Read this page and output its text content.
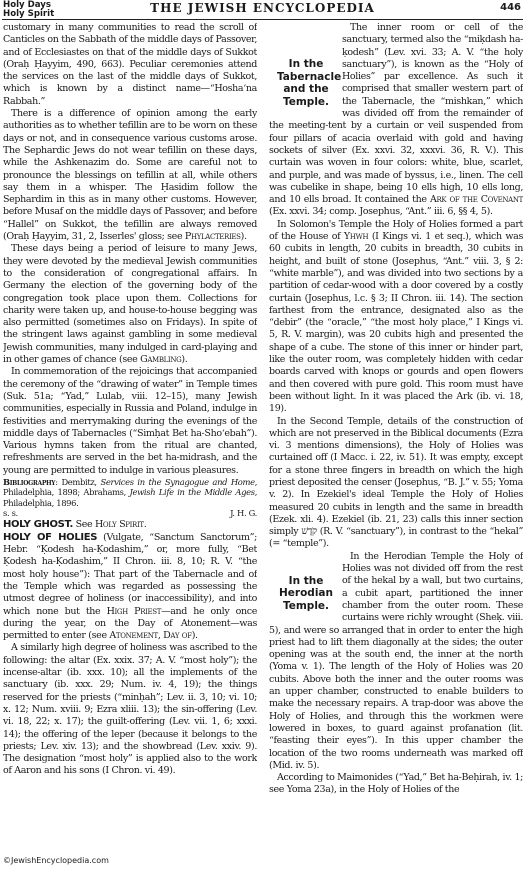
Holy Days
Holy Spirit	THE JEWISH ENCYCLOPEDIA	446

customary in many communities to read the scroll of Canticles on the Sabbath of the middle days of Passover, and of Ecclesiastes on that of the middle days of Sukkot (Oraḥ Ḥayyim, 490, 663). Peculiar ceremonies attend the services on the last of the middle days of Sukkot, which is known by a distinct name—“Hosha‘na Rabbah.”

There is a difference of opinion among the early authorities as to whether tefillin are to be worn on these days or not, and in consequence various customs arose. The Sephardic Jews do not wear tefillin on these days, while the Ashkenazim do. Some are careful not to pronounce the blessings on tefillin at all, while others say them in a whisper. The Ḥasidim follow the Sephardim in this as in many other customs. However, before Musaf on the middle days of Passover, and before “Hallel” on Sukkot, the tefillin are always removed (Oraḥ Ḥayyim, 31, 2, Isserles' gloss; see Phylacteries).

These days being a period of leisure to many Jews, they were devoted by the medieval Jewish communities to the consideration of congregational affairs. In Germany the election of the governing body of the congregation took place upon them. Collections for charity were taken up, and house-to-house begging was also permitted (sometimes also on Fridays). In spite of the stringent laws against gambling in some medieval Jewish communities, many indulged in card-playing and in other games of chance (see Gambling).

In commemoration of the rejoicings that accompanied the ceremony of the “drawing of water” in Temple times (Suk. 51a; “Yad,” Lulab, viii. 12–15), many Jewish communities, especially in Russia and Poland, indulge in festivities and merrymaking during the evenings of the middle days of Tabernacles (“Simḥat Bet ha-Sho‘ebah”). Various hymns taken from the ritual are chanted, refreshments are served in the bet ha-midrash, and the young are permitted to indulge in various pleasures.

Bibliography: Dembitz, Services in the Synagogue and Home, Philadelphia, 1898; Abrahams, Jewish Life in the Middle Ages, Philadelphia, 1896.

s. s.	J. H. G.

HOLY GHOST. See Holy Spirit.

HOLY OF HOLIES (Vulgate, “Sanctum Sanctorum”; Hebr. “Ḳodesh ha-Ḳodashim,” or, more fully, “Bet Ḳodesh ha-Ḳodashim,” II Chron. iii. 8, 10; R. V. “the most holy house”): That part of the Tabernacle and of the Temple which was regarded as possessing the utmost degree of holiness (or inaccessibility), and into which none but the High Priest—and he only once during the year, on the Day of Atonement—was permitted to enter (see Atonement, Day of).

A similarly high degree of holiness was ascribed to the following: the altar (Ex. xxix. 37; A. V. “most holy”); the incense-altar (ib. xxx. 10); all the implements of the sanctuary (ib. xxx. 29; Num. iv. 4, 19); the things reserved for the priests (“minḥah”; Lev. ii. 3, 10; vi. 10; x. 12; Num. xviii. 9; Ezra xliii. 13); the sin-offering (Lev. vi. 18, 22; x. 17); the guilt-offering (Lev. vii. 1, 6; xxxi. 14); the offering of the leper (because it belongs to the priests; Lev. xiv. 13); and the showbread (Lev. xxiv. 9). The designation “most holy” is applied also to the work of Aaron and his sons (I Chron. vi. 49).

In the
Tabernacle
and the
Temple.
The inner room or cell of the sanctuary, termed also the “miḳdash ha-ḳodesh” (Lev. xvi. 33; A. V. “the holy sanctuary”), is known as the “Holy of Holies” par excellence. As such it comprised that smaller western part of the Tabernacle, the “mishkan,” which was divided off from the remainder of the meeting-tent by a curtain or veil suspended from four pillars of acacia overlaid with gold and having sockets of silver (Ex. xxvi. 32, xxxvi. 36, R. V.). This curtain was woven in four colors: white, blue, scarlet, and purple, and was made of byssus, i.e., linen. The cell was cubelike in shape, being 10 ells high, 10 ells long, and 10 ells broad. It contained the Ark of the Covenant (Ex. xxvi. 34; comp. Josephus, “Ant.” iii. 6, §§ 4, 5).

In Solomon's Temple the Holy of Holies formed a part of the House of Yhwh (I Kings vi. 1 et seq.), which was 60 cubits in length, 20 cubits in breadth, 30 cubits in height, and built of stone (Josephus, “Ant.” viii. 3, § 2: “white marble”), and was divided into two sections by a partition of cedar-wood with a door covered by a costly curtain (Josephus, l.c. § 3; II Chron. iii. 14). The section farthest from the entrance, designated also as the “debir” (the “oracle,” “the most holy place,” I Kings vi. 5, R. V. margin), was 20 cubits high and presented the shape of a cube. The stone of this inner or hinder part, like the outer room, was completely hidden with cedar boards carved with knops or gourds and open flowers and then covered with pure gold. This room must have been without light. In it was placed the Ark (ib. vi. 18, 19).

In the Second Temple, details of the construction of which are not preserved in the Biblical documents (Ezra vi. 3 mentions dimensions), the Holy of Holies was curtained off (I Macc. i. 22, iv. 51). It was empty, except for a stone three fingers in breadth on which the high priest deposited the censer (Josephus, “B. J.” v. 55; Yoma v. 2). In Ezekiel's ideal Temple the Holy of Holies measured 20 cubits in length and the same in breadth (Ezek. xli. 4). Ezekiel (ib. 21, 23) calls this inner section simply קֹדֶשׁ (R. V. “sanctuary”), in contrast to the “hekal” (= “temple”).

In the
Herodian
Temple.
In the Herodian Temple the Holy of Holies was not divided off from the rest of the hekal by a wall, but two curtains, a cubit apart, partitioned the inner chamber from the outer room. These curtains were richly wrought (Sheḳ. viii. 5), and were so arranged that in order to enter the high priest had to lift them diagonally at the sides; the outer opening was at the south end, the inner at the north (Yoma v. 1). The length of the Holy of Holies was 20 cubits. Above both the inner and the outer rooms was an upper chamber, constructed to enable builders to make the necessary repairs. A trap-door was above the Holy of Holies, and through this the workmen were lowered in boxes, to guard against profanation (lit. “feasting their eyes”). In this upper chamber the location of the two rooms underneath was marked off (Mid. iv. 5).

According to Maimonides (“Yad,” Bet ha-Beḥirah, iv. 1; see Yoma 23a), in the Holy of Holies of the

©JewishEncyclopedia.com
